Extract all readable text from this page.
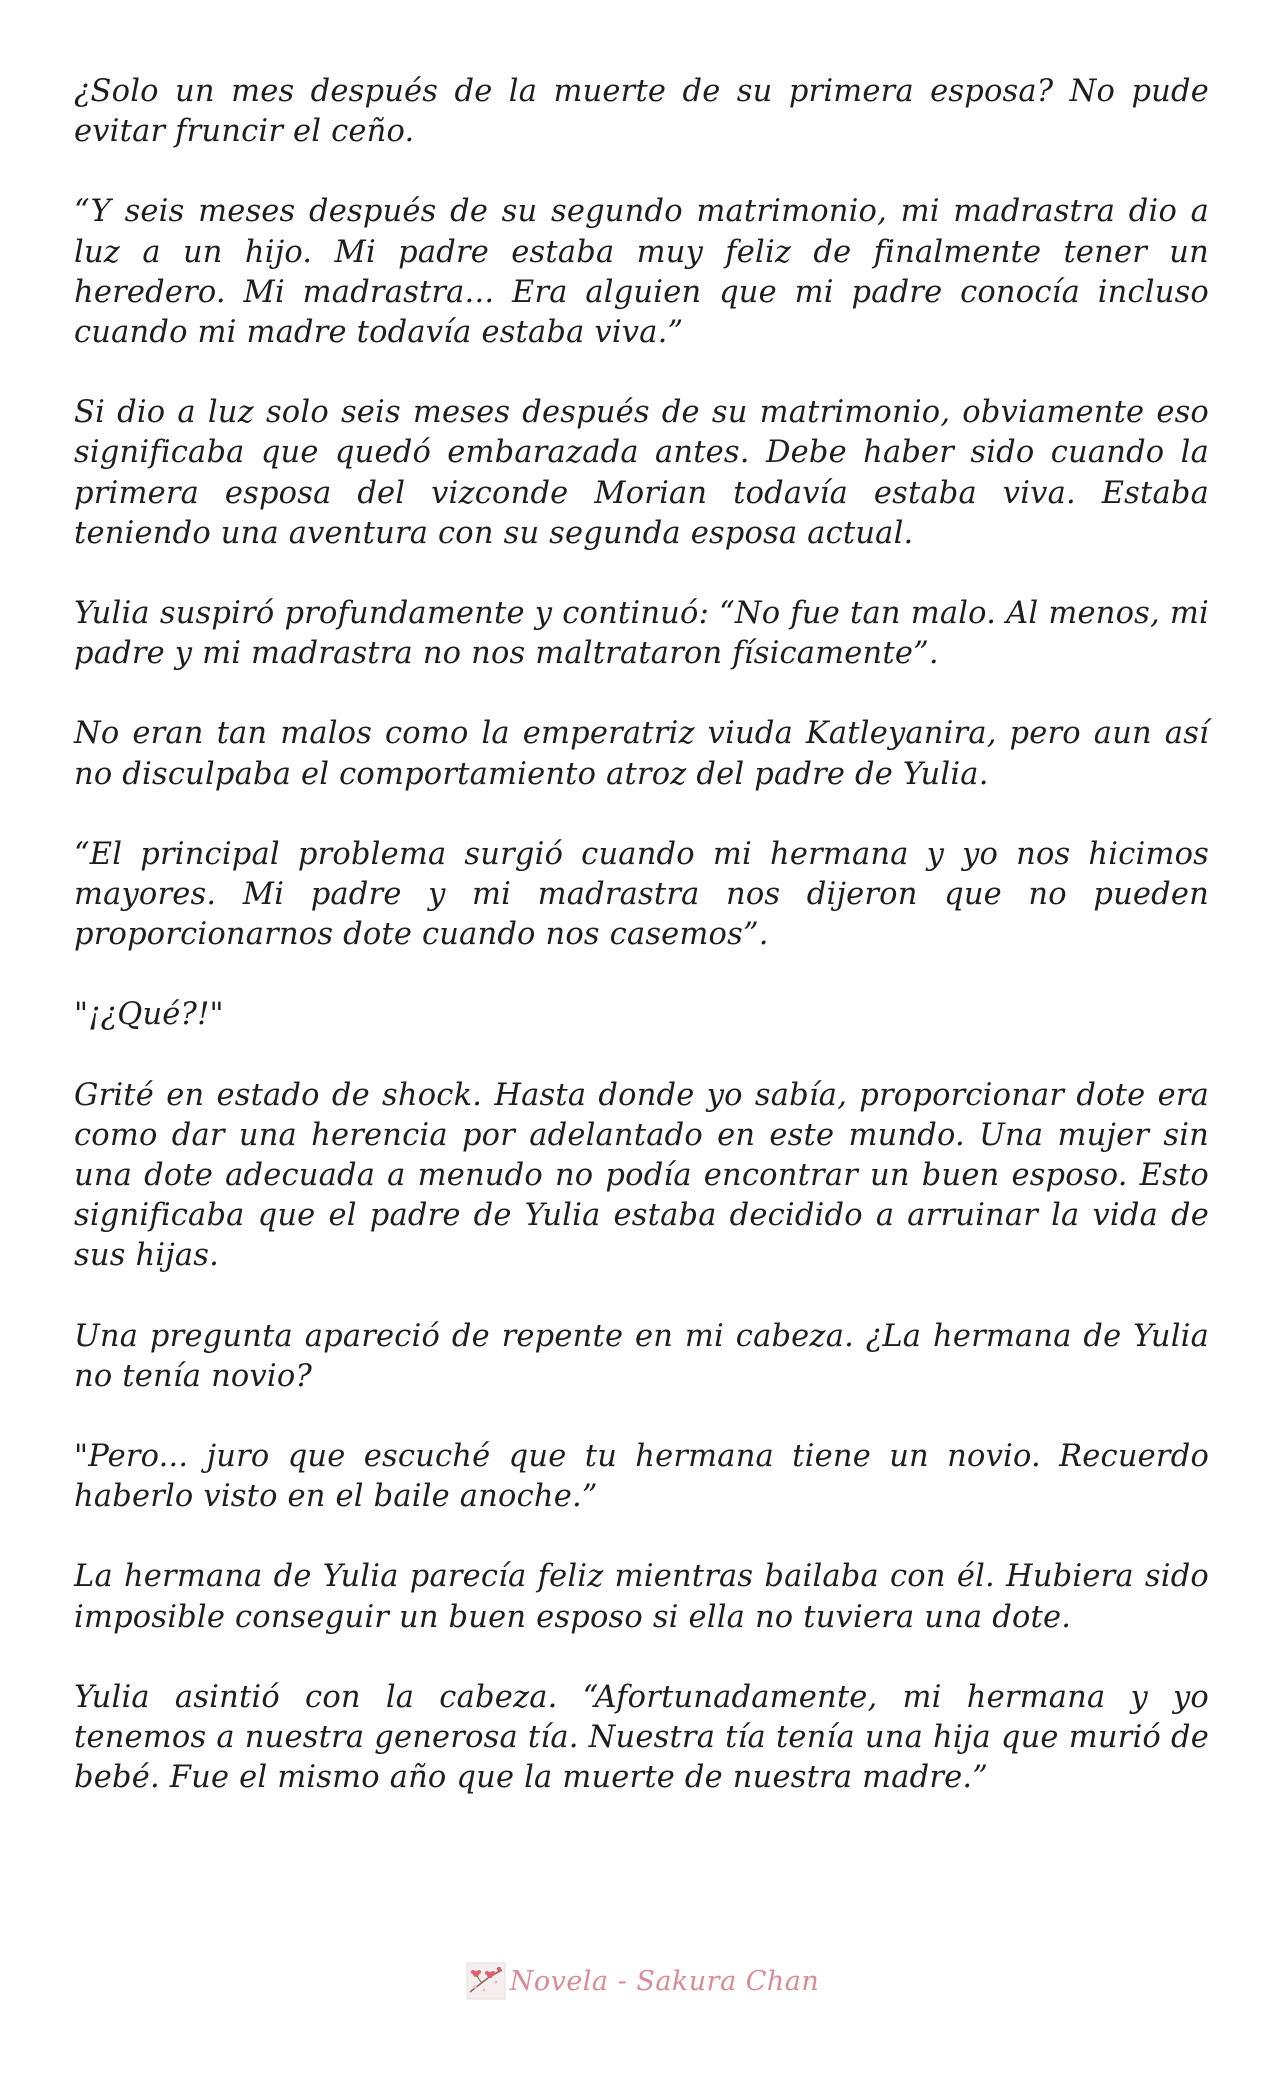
¿Solo un mes después de la muerte de su primera esposa? No pude evitar fruncir el ceño.

“Y seis meses después de su segundo matrimonio, mi madrastra dio a luz a un hijo. Mi padre estaba muy feliz de finalmente tener un heredero. Mi madrastra... Era alguien que mi padre conocía incluso cuando mi madre todavía estaba viva.”

Si dio a luz solo seis meses después de su matrimonio, obviamente eso significaba que quedó embarazada antes. Debe haber sido cuando la primera esposa del vizconde Morian todavía estaba viva. Estaba teniendo una aventura con su segunda esposa actual.

Yulia suspiró profundamente y continuó: “No fue tan malo. Al menos, mi padre y mi madrastra no nos maltrataron físicamente”.

No eran tan malos como la emperatriz viuda Katleyanira, pero aun así no disculpaba el comportamiento atroz del padre de Yulia.

“El principal problema surgió cuando mi hermana y yo nos hicimos mayores. Mi padre y mi madrastra nos dijeron que no pueden proporcionarnos dote cuando nos casemos”.

"¡¿Qué?!"

Grité en estado de shock. Hasta donde yo sabía, proporcionar dote era como dar una herencia por adelantado en este mundo. Una mujer sin una dote adecuada a menudo no podía encontrar un buen esposo. Esto significaba que el padre de Yulia estaba decidido a arruinar la vida de sus hijas.

Una pregunta apareció de repente en mi cabeza. ¿La hermana de Yulia no tenía novio?

"Pero... juro que escuché que tu hermana tiene un novio. Recuerdo haberlo visto en el baile anoche.”

La hermana de Yulia parecía feliz mientras bailaba con él. Hubiera sido imposible conseguir un buen esposo si ella no tuviera una dote.

Yulia asintió con la cabeza. “Afortunadamente, mi hermana y yo tenemos a nuestra generosa tía. Nuestra tía tenía una hija que murió de bebé. Fue el mismo año que la muerte de nuestra madre.”

Novela - Sakura Chan
